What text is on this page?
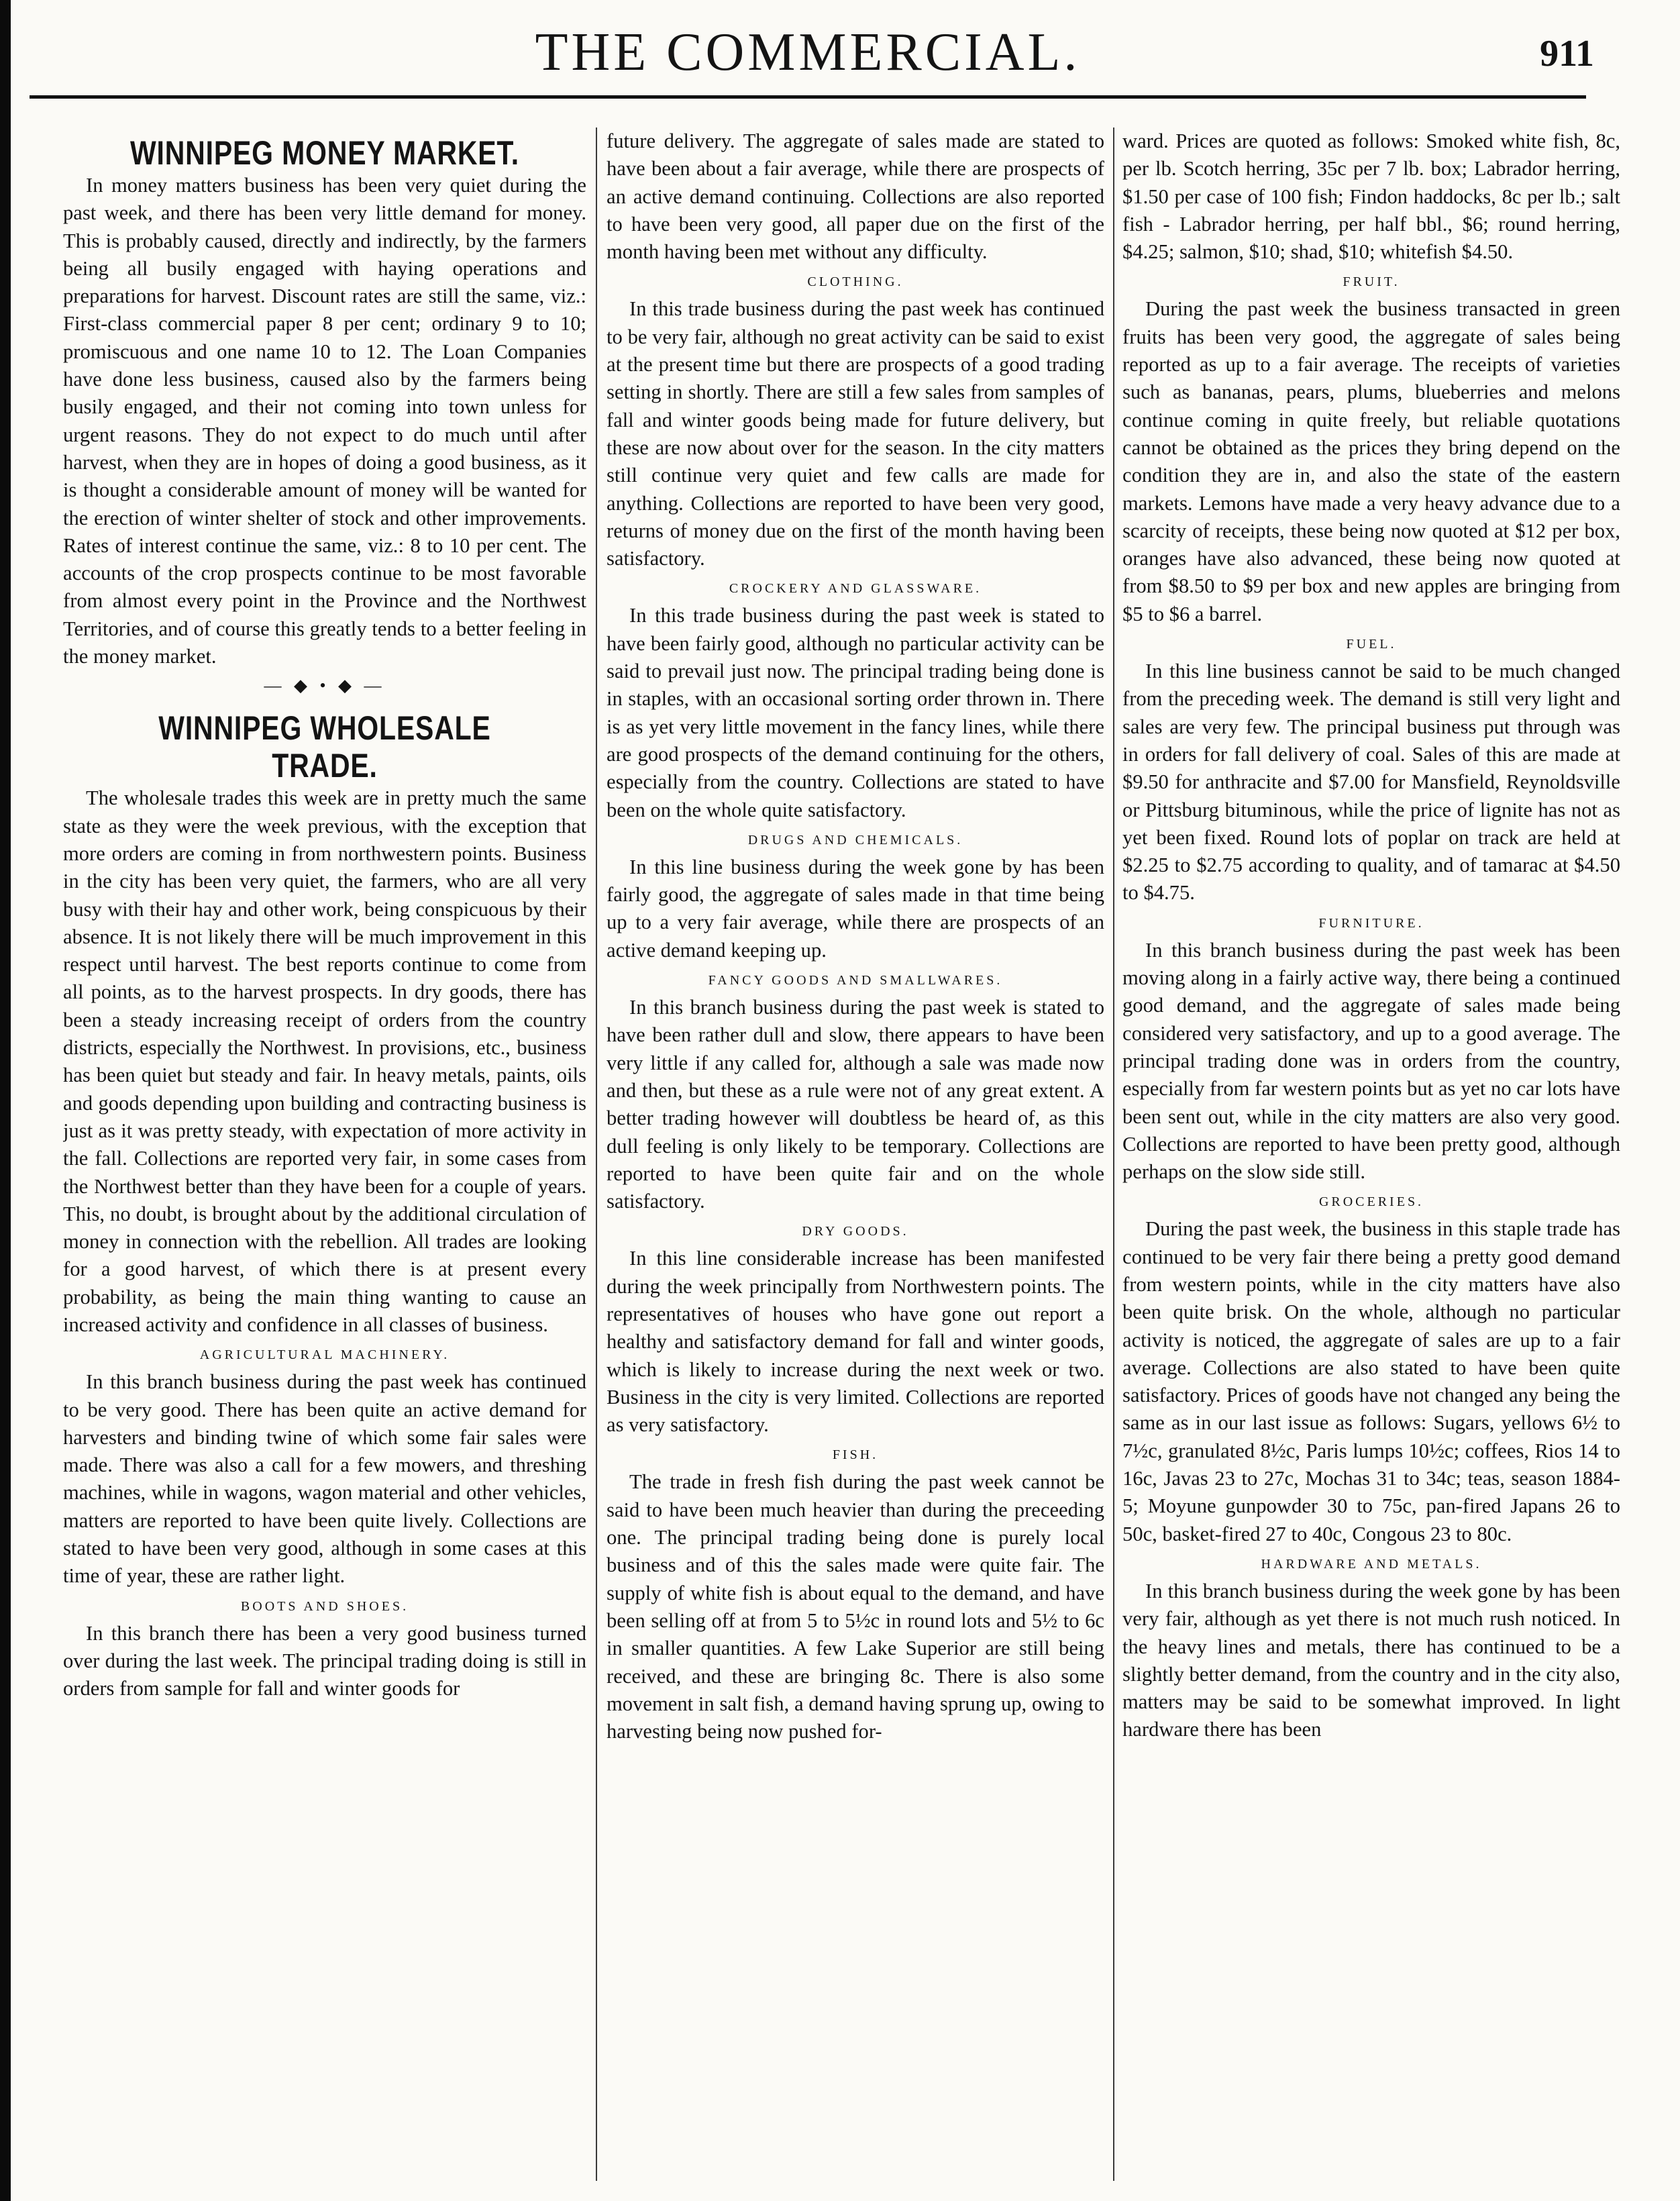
THE COMMERCIAL.	911
WINNIPEG MONEY MARKET.

In money matters business has been very quiet during the past week, and there has been very little demand for money. This is probably caused, directly and indirectly, by the farmers being all busily engaged with haying operations and preparations for harvest. Discount rates are still the same, viz.: First-class commercial paper 8 per cent; ordinary 9 to 10; promiscuous and one name 10 to 12. The Loan Companies have done less business, caused also by the farmers being busily engaged, and their not coming into town unless for urgent reasons. They do not expect to do much until after harvest, when they are in hopes of doing a good business, as it is thought a considerable amount of money will be wanted for the erection of winter shelter of stock and other improvements. Rates of interest continue the same, viz.: 8 to 10 per cent. The accounts of the crop prospects continue to be most favorable from almost every point in the Province and the Northwest Territories, and of course this greatly tends to a better feeling in the money market.

— ◆ • ◆ —
WINNIPEG WHOLESALE TRADE.

The wholesale trades this week are in pretty much the same state as they were the week previous, with the exception that more orders are coming in from northwestern points. Business in the city has been very quiet, the farmers, who are all very busy with their hay and other work, being conspicuous by their absence. It is not likely there will be much improvement in this respect until harvest. The best reports continue to come from all points, as to the harvest prospects. In dry goods, there has been a steady increasing receipt of orders from the country districts, especially the Northwest. In provisions, etc., business has been quiet but steady and fair. In heavy metals, paints, oils and goods depending upon building and contracting business is just as it was pretty steady, with expectation of more activity in the fall. Collections are reported very fair, in some cases from the Northwest better than they have been for a couple of years. This, no doubt, is brought about by the additional circulation of money in connection with the rebellion. All trades are looking for a good harvest, of which there is at present every probability, as being the main thing wanting to cause an increased activity and confidence in all classes of business.

AGRICULTURAL MACHINERY.

In this branch business during the past week has continued to be very good. There has been quite an active demand for harvesters and binding twine of which some fair sales were made. There was also a call for a few mowers, and threshing machines, while in wagons, wagon material and other vehicles, matters are reported to have been quite lively. Collections are stated to have been very good, although in some cases at this time of year, these are rather light.

BOOTS AND SHOES.

In this branch there has been a very good business turned over during the last week. The principal trading doing is still in orders from sample for fall and winter goods for

future delivery. The aggregate of sales made are stated to have been about a fair average, while there are prospects of an active demand continuing. Collections are also reported to have been very good, all paper due on the first of the month having been met without any difficulty.

CLOTHING.

In this trade business during the past week has continued to be very fair, although no great activity can be said to exist at the present time but there are prospects of a good trading setting in shortly. There are still a few sales from samples of fall and winter goods being made for future delivery, but these are now about over for the season. In the city matters still continue very quiet and few calls are made for anything. Collections are reported to have been very good, returns of money due on the first of the month having been satisfactory.

CROCKERY AND GLASSWARE.

In this trade business during the past week is stated to have been fairly good, although no particular activity can be said to prevail just now. The principal trading being done is in staples, with an occasional sorting order thrown in. There is as yet very little movement in the fancy lines, while there are good prospects of the demand continuing for the others, especially from the country. Collections are stated to have been on the whole quite satisfactory.

DRUGS AND CHEMICALS.

In this line business during the week gone by has been fairly good, the aggregate of sales made in that time being up to a very fair average, while there are prospects of an active demand keeping up.

FANCY GOODS AND SMALLWARES.

In this branch business during the past week is stated to have been rather dull and slow, there appears to have been very little if any called for, although a sale was made now and then, but these as a rule were not of any great extent. A better trading however will doubtless be heard of, as this dull feeling is only likely to be temporary. Collections are reported to have been quite fair and on the whole satisfactory.

DRY GOODS.

In this line considerable increase has been manifested during the week principally from Northwestern points. The representatives of houses who have gone out report a healthy and satisfactory demand for fall and winter goods, which is likely to increase during the next week or two. Business in the city is very limited. Collections are reported as very satisfactory.

FISH.

The trade in fresh fish during the past week cannot be said to have been much heavier than during the preceeding one. The principal trading being done is purely local business and of this the sales made were quite fair. The supply of white fish is about equal to the demand, and have been selling off at from 5 to 5½c in round lots and 5½ to 6c in smaller quantities. A few Lake Superior are still being received, and these are bringing 8c. There is also some movement in salt fish, a demand having sprung up, owing to harvesting being now pushed for-

ward. Prices are quoted as follows: Smoked white fish, 8c, per lb. Scotch herring, 35c per 7 lb. box; Labrador herring, $1.50 per case of 100 fish; Findon haddocks, 8c per lb.; salt fish - Labrador herring, per half bbl., $6; round herring, $4.25; salmon, $10; shad, $10; whitefish $4.50.

FRUIT.

During the past week the business transacted in green fruits has been very good, the aggregate of sales being reported as up to a fair average. The receipts of varieties such as bananas, pears, plums, blueberries and melons continue coming in quite freely, but reliable quotations cannot be obtained as the prices they bring depend on the condition they are in, and also the state of the eastern markets. Lemons have made a very heavy advance due to a scarcity of receipts, these being now quoted at $12 per box, oranges have also advanced, these being now quoted at from $8.50 to $9 per box and new apples are bringing from $5 to $6 a barrel.

FUEL.

In this line business cannot be said to be much changed from the preceding week. The demand is still very light and sales are very few. The principal business put through was in orders for fall delivery of coal. Sales of this are made at $9.50 for anthracite and $7.00 for Mansfield, Reynoldsville or Pittsburg bituminous, while the price of lignite has not as yet been fixed. Round lots of poplar on track are held at $2.25 to $2.75 according to quality, and of tamarac at $4.50 to $4.75.

FURNITURE.

In this branch business during the past week has been moving along in a fairly active way, there being a continued good demand, and the aggregate of sales made being considered very satisfactory, and up to a good average. The principal trading done was in orders from the country, especially from far western points but as yet no car lots have been sent out, while in the city matters are also very good. Collections are reported to have been pretty good, although perhaps on the slow side still.

GROCERIES.

During the past week, the business in this staple trade has continued to be very fair there being a pretty good demand from western points, while in the city matters have also been quite brisk. On the whole, although no particular activity is noticed, the aggregate of sales are up to a fair average. Collections are also stated to have been quite satisfactory. Prices of goods have not changed any being the same as in our last issue as follows: Sugars, yellows 6½ to 7½c, granulated 8½c, Paris lumps 10½c; coffees, Rios 14 to 16c, Javas 23 to 27c, Mochas 31 to 34c; teas, season 1884-5; Moyune gunpowder 30 to 75c, pan-fired Japans 26 to 50c, basket-fired 27 to 40c, Congous 23 to 80c.

HARDWARE AND METALS.

In this branch business during the week gone by has been very fair, although as yet there is not much rush noticed. In the heavy lines and metals, there has continued to be a slightly better demand, from the country and in the city also, matters may be said to be somewhat improved. In light hardware there has been
